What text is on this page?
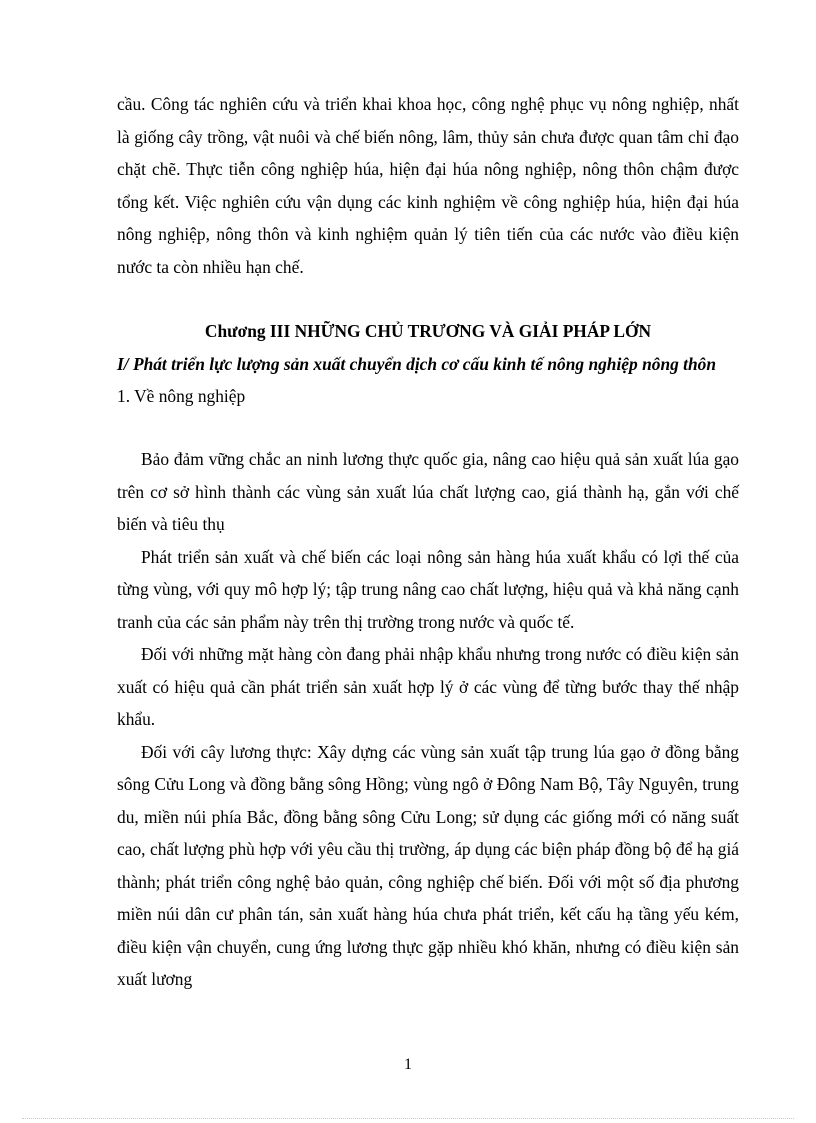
cầu. Công tác nghiên cứu và triển khai khoa học, công nghệ phục vụ nông nghiệp, nhất là giống cây trồng, vật nuôi và chế biến nông, lâm, thủy sản chưa được quan tâm chỉ đạo chặt chẽ. Thực tiễn công nghiệp húa, hiện đại húa nông nghiệp, nông thôn chậm được tổng kết. Việc nghiên cứu vận dụng các kinh nghiệm về công nghiệp húa, hiện đại húa nông nghiệp, nông thôn và kinh nghiệm quản lý tiên tiến của các nước vào điều kiện nước ta còn nhiều hạn chế.

Chương III NHỮNG CHỦ TRƯƠNG VÀ GIẢI PHÁP LỚN

I/ Phát triển lực lượng sản xuất chuyển dịch cơ cấu kinh tế nông nghiệp nông thôn

1. Về nông nghiệp

Bảo đảm vững chắc an ninh lương thực quốc gia, nâng cao hiệu quả sản xuất lúa gạo trên cơ sở hình thành các vùng sản xuất lúa chất lượng cao, giá thành hạ, gắn với chế biến và tiêu thụ

Phát triển sản xuất và chế biến các loại nông sản hàng húa xuất khẩu có lợi thế của từng vùng, với quy mô hợp lý; tập trung nâng cao chất lượng, hiệu quả và khả năng cạnh tranh của các sản phẩm này trên thị trường trong nước và quốc tế.

Đối với những mặt hàng còn đang phải nhập khẩu nhưng trong nước có điều kiện sản xuất có hiệu quả cần phát triển sản xuất hợp lý ở các vùng để từng bước thay thế nhập khẩu.

Đối với cây lương thực: Xây dựng các vùng sản xuất tập trung lúa gạo ở đồng bằng sông Cửu Long và đồng bằng sông Hồng; vùng ngô ở Đông Nam Bộ, Tây Nguyên, trung du, miền núi phía Bắc, đồng bằng sông Cửu Long; sử dụng các giống mới có năng suất cao, chất lượng phù hợp với yêu cầu thị trường, áp dụng các biện pháp đồng bộ để hạ giá thành; phát triển công nghệ bảo quản, công nghiệp chế biến. Đối với một số địa phương miền núi dân cư phân tán, sản xuất hàng húa chưa phát triển, kết cấu hạ tầng yếu kém, điều kiện vận chuyển, cung ứng lương thực gặp nhiều khó khăn, nhưng có điều kiện sản xuất lương

1
